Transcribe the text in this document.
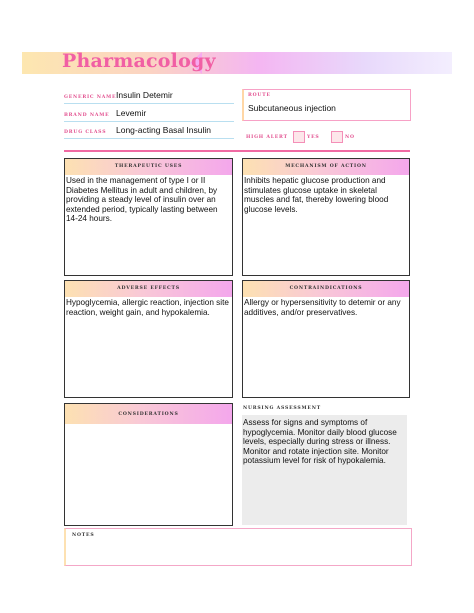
Pharmacology
GENERIC NAME Insulin Detemir
BRAND NAME Levemir
DRUG CLASS Long-acting Basal Insulin
ROUTE
Subcutaneous injection
HIGH ALERT	YES	NO
THERAPEUTIC USES
Used in the management of type I or II Diabetes Mellitus in adult and children, by providing a steady level of insulin over an extended period, typically lasting between 14-24 hours.
MECHANISM OF ACTION
Inhibits hepatic glucose production and stimulates glucose uptake in skeletal muscles and fat, thereby lowering blood glucose levels.
ADVERSE EFFECTS
Hypoglycemia, allergic reaction, injection site reaction, weight gain, and hypokalemia.
CONTRAINDICATIONS
Allergy or hypersensitivity to detemir or any additives, and/or preservatives.
CONSIDERATIONS
NURSING ASSESSMENT
Assess for signs and symptoms of hypoglycemia. Monitor daily blood glucose levels, especially during stress or illness. Monitor and rotate injection site. Monitor potassium level for risk of hypokalemia.
NOTES
